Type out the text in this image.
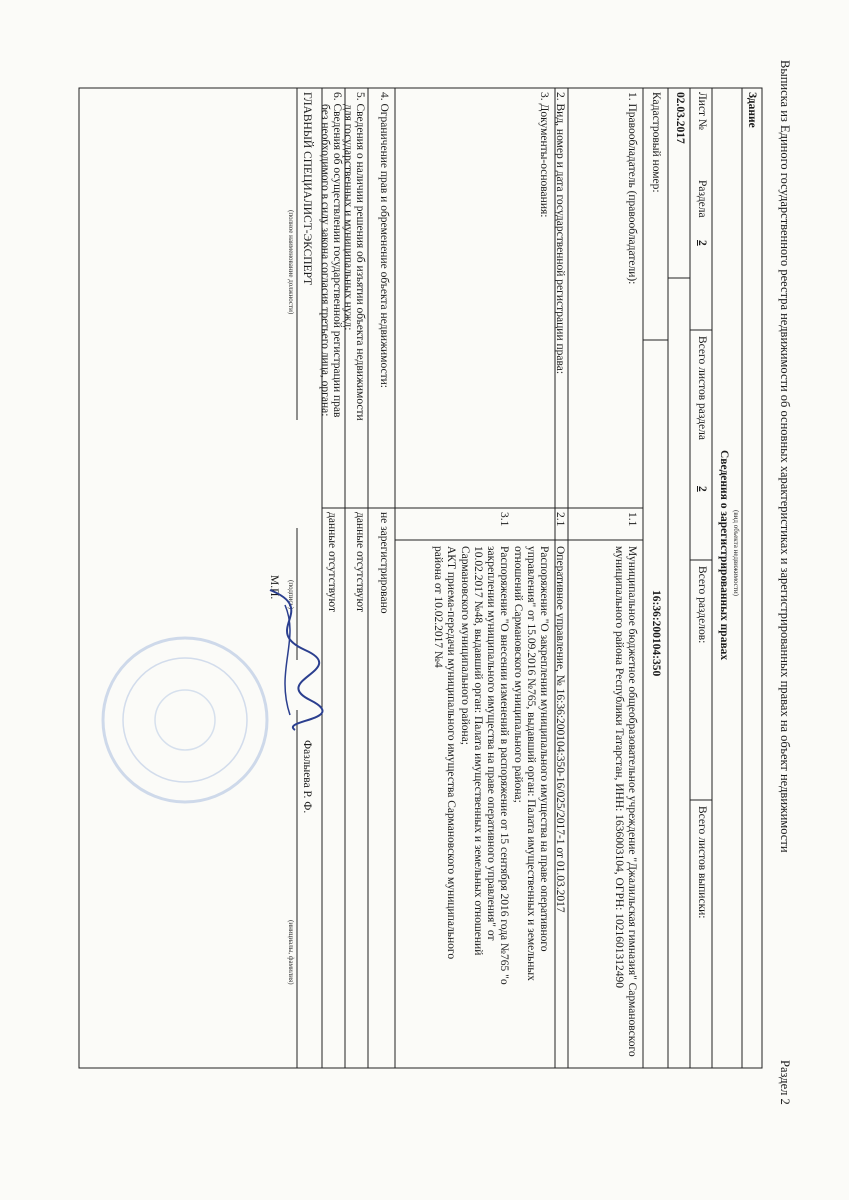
Выписка из Единого государственного реестра недвижимости об основных характеристиках и зарегистрированных правах на объект недвижимости
Раздел 2
Здание
(вид объекта недвижимости)
Сведения о зарегистрированных правах
Лист №
Раздела
2
Всего листов раздела
2
Всего разделов:
Всего листов выписки:
02.03.2017
Кадастровый номер:
16:36:200104:350
1. Правообладатель (правообладатели):
1.1
Муниципальное бюджетное общеобразовательное учреждение "Джалильская гимназия" Сармановского муниципального района Республики Татарстан, ИНН: 1636003104, ОГРН: 1021601312490
2. Вид, номер и дата государственной регистрации права:
2.1
Оперативное управление, № 16:36:200104:350-16/025/2017-1 от 01.03.2017
3. Документы-основания:
3.1
Распоряжение "О закреплении муниципального имущества на праве оперативного
управления" от 15.09.2016 №765, выдавший орган: Палата имущественных и земельных
отношений Сармановского муниципального района;
Распоряжение "О внесении изменений в распоряжение от 15 сентября 2016 года №765 "о
закреплении муниципального имущества на праве оперативного управления" от
10.02.2017 №48, выдавший орган: Палата имущественных и земельных отношений
Сармановского муниципального района;
АКТ приема-передачи муниципального имущества Сармановского муниципального
района от 10.02.2017 №4
4. Ограничение прав и обременение объекта недвижимости:
не зарегистрировано
5. Сведения о наличии решения об изъятии объекта недвижимости
для государственных и муниципальных нужд:
данные отсутствуют
6. Сведения об осуществлении государственной регистрации прав
без необходимого в силу закона согласия третьего лица, органа:
данные отсутствуют
ГЛАВНЫЙ СПЕЦИАЛИСТ-ЭКСПЕРТ
(полное наименование должности)
(подпись)
Фазлыева Р. Ф.
(инициалы, фамилия)
М.П.
